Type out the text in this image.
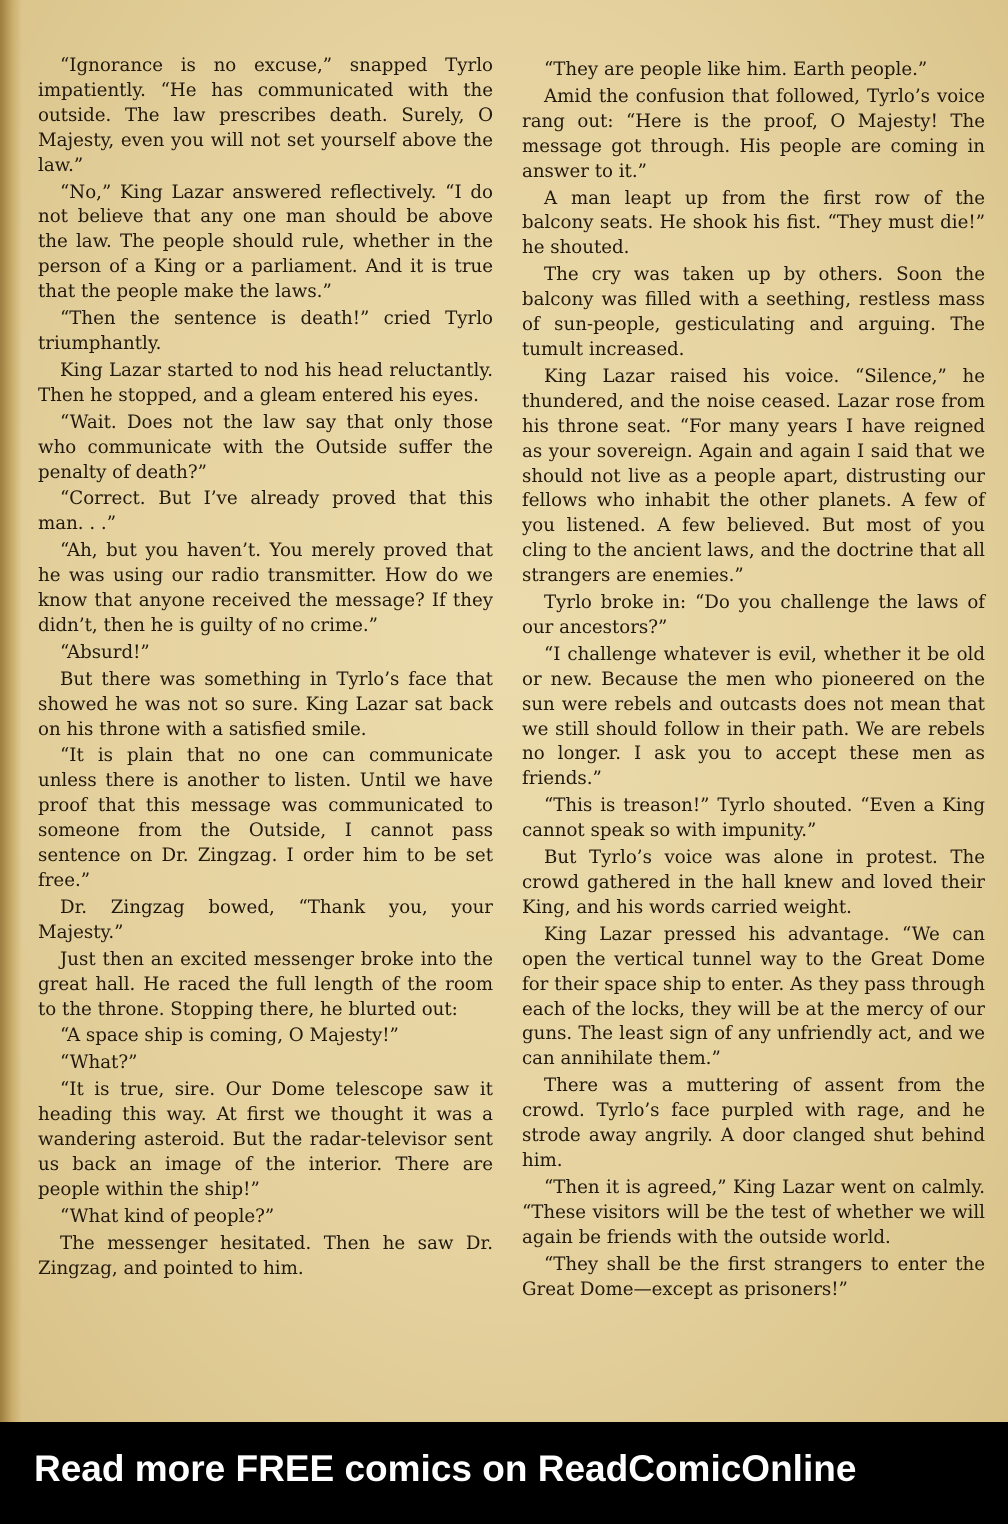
“Ignorance is no excuse,” snapped Tyrlo impatiently. “He has communicated with the outside. The law prescribes death. Surely, O Majesty, even you will not set yourself above the law.”

“No,” King Lazar answered reflectively. “I do not believe that any one man should be above the law. The people should rule, whether in the person of a King or a parliament. And it is true that the people make the laws.”

“Then the sentence is death!” cried Tyrlo triumphantly.

King Lazar started to nod his head reluctantly. Then he stopped, and a gleam entered his eyes.

“Wait. Does not the law say that only those who communicate with the Outside suffer the penalty of death?”

“Correct. But I’ve already proved that this man. . .”

“Ah, but you haven’t. You merely proved that he was using our radio transmitter. How do we know that anyone received the message? If they didn’t, then he is guilty of no crime.”

“Absurd!”

But there was something in Tyrlo’s face that showed he was not so sure. King Lazar sat back on his throne with a satisfied smile.

“It is plain that no one can communicate unless there is another to listen. Until we have proof that this message was communicated to someone from the Outside, I cannot pass sentence on Dr. Zingzag. I order him to be set free.”

Dr. Zingzag bowed, “Thank you, your Majesty.”

Just then an excited messenger broke into the great hall. He raced the full length of the room to the throne. Stopping there, he blurted out:

“A space ship is coming, O Majesty!”

“What?”

“It is true, sire. Our Dome telescope saw it heading this way. At first we thought it was a wandering asteroid. But the radar-televisor sent us back an image of the interior. There are people within the ship!”

“What kind of people?”

The messenger hesitated. Then he saw Dr. Zingzag, and pointed to him.

“They are people like him. Earth people.”

Amid the confusion that followed, Tyrlo’s voice rang out: “Here is the proof, O Majesty! The message got through. His people are coming in answer to it.”

A man leapt up from the first row of the balcony seats. He shook his fist. “They must die!” he shouted.

The cry was taken up by others. Soon the balcony was filled with a seething, restless mass of sun-people, gesticulating and arguing. The tumult increased.

King Lazar raised his voice. “Silence,” he thundered, and the noise ceased. Lazar rose from his throne seat. “For many years I have reigned as your sovereign. Again and again I said that we should not live as a people apart, distrusting our fellows who inhabit the other planets. A few of you listened. A few believed. But most of you cling to the ancient laws, and the doctrine that all strangers are enemies.”

Tyrlo broke in: “Do you challenge the laws of our ancestors?”

“I challenge whatever is evil, whether it be old or new. Because the men who pioneered on the sun were rebels and outcasts does not mean that we still should follow in their path. We are rebels no longer. I ask you to accept these men as friends.”

“This is treason!” Tyrlo shouted. “Even a King cannot speak so with impunity.”

But Tyrlo’s voice was alone in protest. The crowd gathered in the hall knew and loved their King, and his words carried weight.

King Lazar pressed his advantage. “We can open the vertical tunnel way to the Great Dome for their space ship to enter. As they pass through each of the locks, they will be at the mercy of our guns. The least sign of any unfriendly act, and we can annihilate them.”

There was a muttering of assent from the crowd. Tyrlo’s face purpled with rage, and he strode away angrily. A door clanged shut behind him.

“Then it is agreed,” King Lazar went on calmly. “These visitors will be the test of whether we will again be friends with the outside world.

“They shall be the first strangers to enter the Great Dome—except as prisoners!”

Read more FREE comics on ReadComicOnline
